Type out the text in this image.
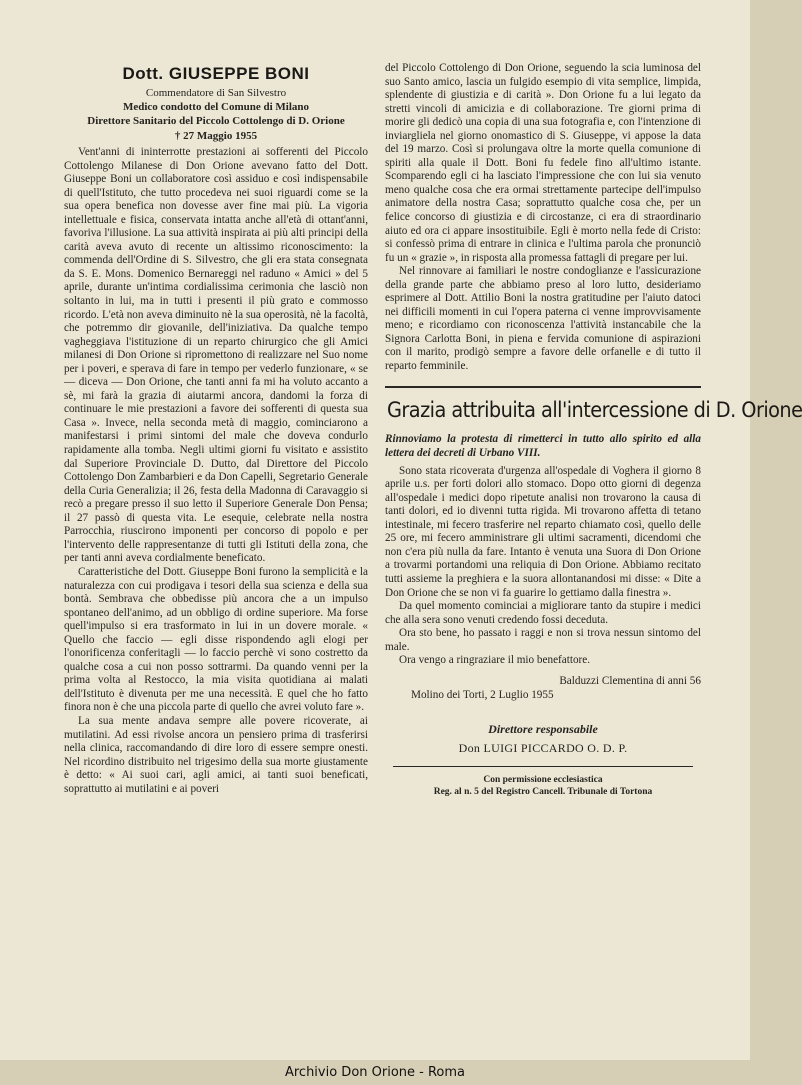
Dott. GIUSEPPE BONI
Commendatore di San Silvestro
Medico condotto del Comune di Milano
Direttore Sanitario del Piccolo Cottolengo di D. Orione
† 27 Maggio 1955

Vent'anni di ininterrotte prestazioni ai sofferenti del Piccolo Cottolengo Milanese di Don Orione avevano fatto del Dott. Giuseppe Boni un collaboratore così assiduo e così indispensabile di quell'Istituto, che tutto procedeva nei suoi riguardi come se la sua opera benefica non dovesse aver fine mai più. La vigoria intellettuale e fisica, conservata intatta anche all'età di ottant'anni, favoriva l'illusione. La sua attività inspirata ai più alti principi della carità aveva avuto di recente un altissimo riconoscimento: la commenda dell'Ordine di S. Silvestro, che gli era stata consegnata da S. E. Mons. Domenico Bernareggi nel raduno « Amici » del 5 aprile, durante un'intima cordialissima cerimonia che lasciò non soltanto in lui, ma in tutti i presenti il più grato e commosso ricordo. L'età non aveva diminuito nè la sua operosità, nè la facoltà, che potremmo dir giovanile, dell'iniziativa. Da qualche tempo vagheggiava l'istituzione di un reparto chirurgico che gli Amici milanesi di Don Orione si ripromettono di realizzare nel Suo nome per i poveri, e sperava di fare in tempo per vederlo funzionare, « se — diceva — Don Orione, che tanti anni fa mi ha voluto accanto a sè, mi farà la grazia di aiutarmi ancora, dandomi la forza di continuare le mie prestazioni a favore dei sofferenti di questa sua Casa ». Invece, nella seconda metà di maggio, cominciarono a manifestarsi i primi sintomi del male che doveva condurlo rapidamente alla tomba. Negli ultimi giorni fu visitato e assistito dal Superiore Provinciale D. Dutto, dal Direttore del Piccolo Cottolengo Don Zambarbieri e da Don Capelli, Segretario Generale della Curia Generalizia; il 26, festa della Madonna di Caravaggio si recò a pregare presso il suo letto il Superiore Generale Don Pensa; il 27 passò di questa vita. Le esequie, celebrate nella nostra Parrocchia, riuscirono imponenti per concorso di popolo e per l'intervento delle rappresentanze di tutti gli Istituti della zona, che per tanti anni aveva cordialmente beneficato.

Caratteristiche del Dott. Giuseppe Boni furono la semplicità e la naturalezza con cui prodigava i tesori della sua scienza e della sua bontà. Sembrava che obbedisse più ancora che a un impulso spontaneo dell'animo, ad un obbligo di ordine superiore. Ma forse quell'impulso si era trasformato in lui in un dovere morale. « Quello che faccio — egli disse rispondendo agli elogi per l'onorificenza conferitagli — lo faccio perchè vi sono costretto da qualche cosa a cui non posso sottrarmi. Da quando venni per la prima volta al Restocco, la mia visita quotidiana ai malati dell'Istituto è divenuta per me una necessità. E quel che ho fatto finora non è che una piccola parte di quello che avrei voluto fare ».

La sua mente andava sempre alle povere ricoverate, ai mutilatini. Ad essi rivolse ancora un pensiero prima di trasferirsi nella clinica, raccomandando di dire loro di essere sempre onesti. Nel ricordino distribuito nel trigesimo della sua morte giustamente è detto: « Ai suoi cari, agli amici, ai tanti suoi beneficati, soprattutto ai mutilatini e ai poveri

del Piccolo Cottolengo di Don Orione, seguendo la scia luminosa del suo Santo amico, lascia un fulgido esempio di vita semplice, limpida, splendente di giustizia e di carità ». Don Orione fu a lui legato da stretti vincoli di amicizia e di collaborazione. Tre giorni prima di morire gli dedicò una copia di una sua fotografia e, con l'intenzione di inviargliela nel giorno onomastico di S. Giuseppe, vi appose la data del 19 marzo. Così si prolungava oltre la morte quella comunione di spiriti alla quale il Dott. Boni fu fedele fino all'ultimo istante. Scomparendo egli ci ha lasciato l'impressione che con lui sia venuto meno qualche cosa che era ormai strettamente partecipe dell'impulso animatore della nostra Casa; soprattutto qualche cosa che, per un felice concorso di giustizia e di circostanze, ci era di straordinario aiuto ed ora ci appare insostituibile. Egli è morto nella fede di Cristo: si confessò prima di entrare in clinica e l'ultima parola che pronunciò fu un « grazie », in risposta alla promessa fattagli di pregare per lui.

Nel rinnovare ai familiari le nostre condoglianze e l'assicurazione della grande parte che abbiamo preso al loro lutto, desideriamo esprimere al Dott. Attilio Boni la nostra gratitudine per l'aiuto datoci nei difficili momenti in cui l'opera paterna ci venne improvvisamente meno; e ricordiamo con riconoscenza l'attività instancabile che la Signora Carlotta Boni, in piena e fervida comunione di aspirazioni con il marito, prodigò sempre a favore delle orfanelle e di tutto il reparto femminile.

Grazia attribuita all'intercessione di D. Orione
Rinnoviamo la protesta di rimetterci in tutto allo spirito ed alla lettera dei decreti di Urbano VIII.

Sono stata ricoverata d'urgenza all'ospedale di Voghera il giorno 8 aprile u.s. per forti dolori allo stomaco. Dopo otto giorni di degenza all'ospedale i medici dopo ripetute analisi non trovarono la causa di tanti dolori, ed io divenni tutta rigida. Mi trovarono affetta di tetano intestinale, mi fecero trasferire nel reparto chiamato così, quello delle 25 ore, mi fecero amministrare gli ultimi sacramenti, dicendomi che non c'era più nulla da fare. Intanto è venuta una Suora di Don Orione a trovarmi portandomi una reliquia di Don Orione. Abbiamo recitato tutti assieme la preghiera e la suora allontanandosi mi disse: « Dite a Don Orione che se non vi fa guarire lo gettiamo dalla finestra ».

Da quel momento cominciai a migliorare tanto da stupire i medici che alla sera sono venuti credendo fossi deceduta.

Ora sto bene, ho passato i raggi e non si trova nessun sintomo del male.

Ora vengo a ringraziare il mio benefattore.

Balduzzi Clementina di anni 56
Molino dei Torti, 2 Luglio 1955
Direttore responsabile
Don LUIGI PICCARDO O. D. P.
Con permissione ecclesiastica
Reg. al n. 5 del Registro Cancell. Tribunale di Tortona
Archivio Don Orione - Roma
